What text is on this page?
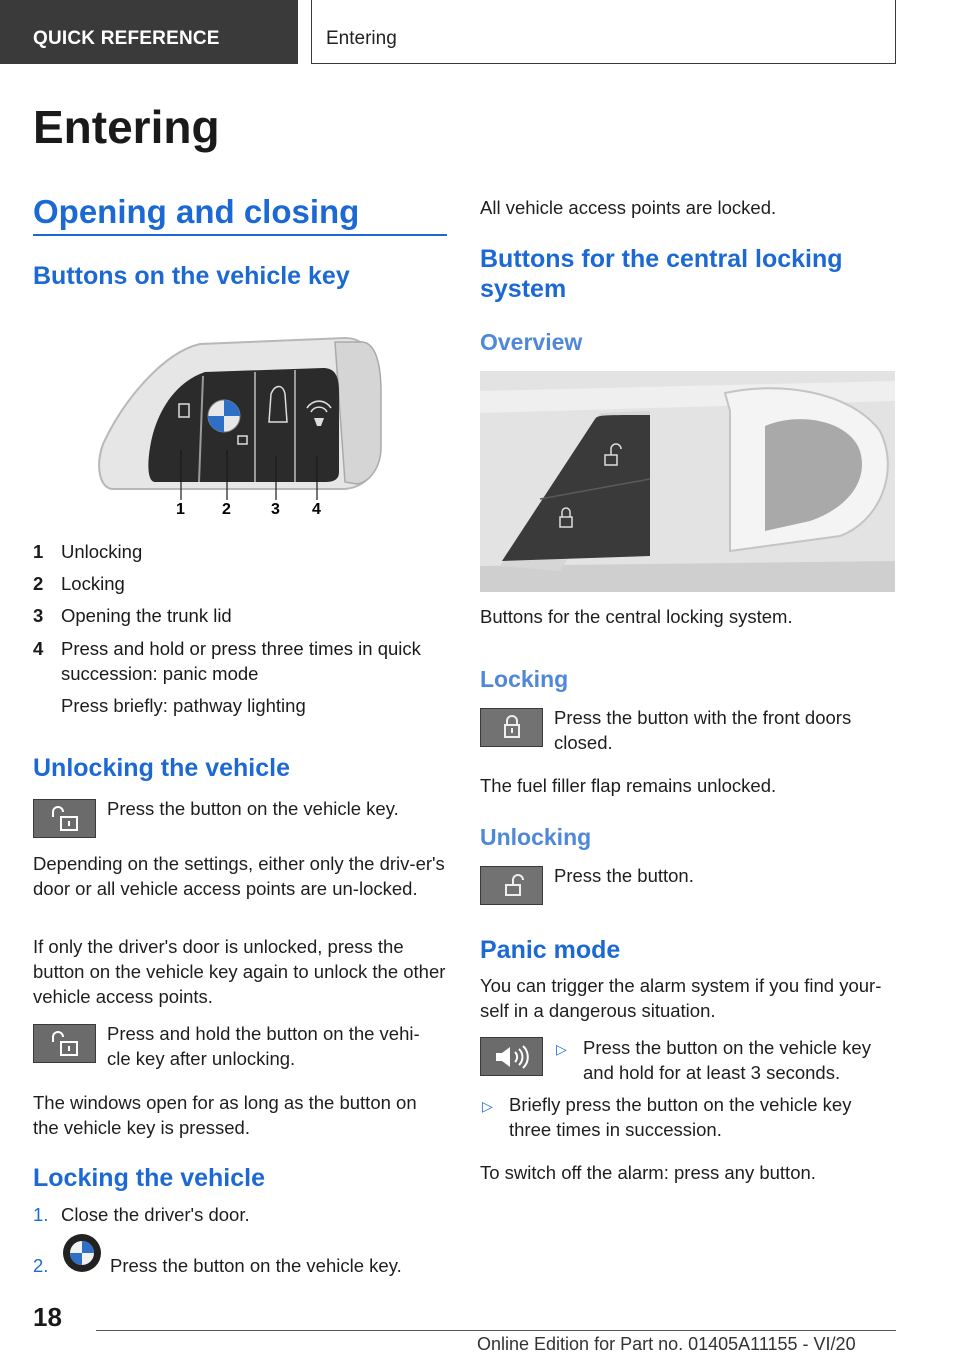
QUICK REFERENCE	Entering
Entering
Opening and closing
Buttons on the vehicle key
1 2	3 4
1 Unlocking
2 Locking
3 Opening the trunk lid
4 Press and hold or press three times in quick succession: panic mode
Press briefly: pathway lighting
Unlocking the vehicle
Press the button on the vehicle key.
Depending on the settings, either only the driv-er's door or all vehicle access points are un-locked.
If only the driver's door is unlocked, press the button on the vehicle key again to unlock the other vehicle access points.
Press and hold the button on the vehi-cle key after unlocking.
The windows open for as long as the button on the vehicle key is pressed.
Locking the vehicle
1. Close the driver's door.
2.	Press the button on the vehicle key.
All vehicle access points are locked.
Buttons for the central locking system
Overview
Buttons for the central locking system.
Locking
Press the button with the front doors closed.
The fuel filler flap remains unlocked.
Unlocking
Press the button.
Panic mode
You can trigger the alarm system if you find your-self in a dangerous situation.
▷ Press the button on the vehicle key and hold for at least 3 seconds.
▷ Briefly press the button on the vehicle key three times in succession.
To switch off the alarm: press any button.
18
Online Edition for Part no. 01405A11155 - VI/20
